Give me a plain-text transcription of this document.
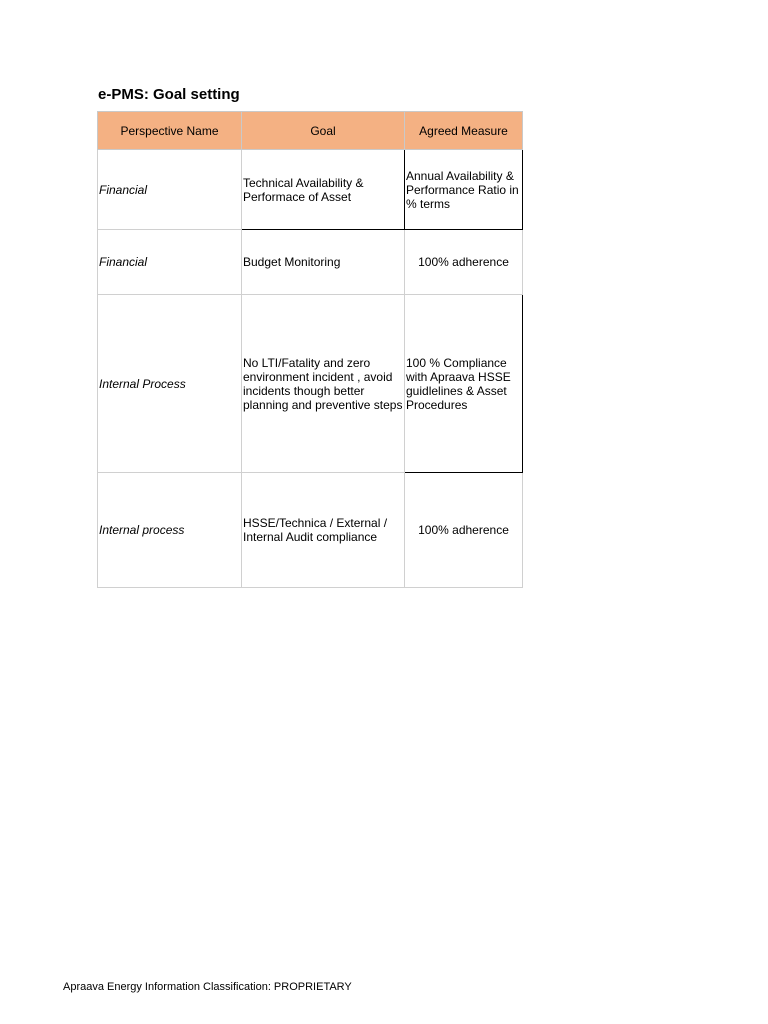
e-PMS: Goal setting
Perspective Name	Goal	Agreed Measure
Financial	Technical Availability & Performace of Asset	Annual Availability & Performance Ratio in % terms
Financial	Budget Monitoring	100% adherence
Internal Process	No LTI/Fatality and zero environment incident , avoid incidents though better planning and preventive steps	100 % Compliance with Apraava HSSE guidlelines & Asset Procedures
Internal process	HSSE/Technica / External / Internal Audit compliance	100% adherence
Apraava Energy Information Classification: PROPRIETARY
